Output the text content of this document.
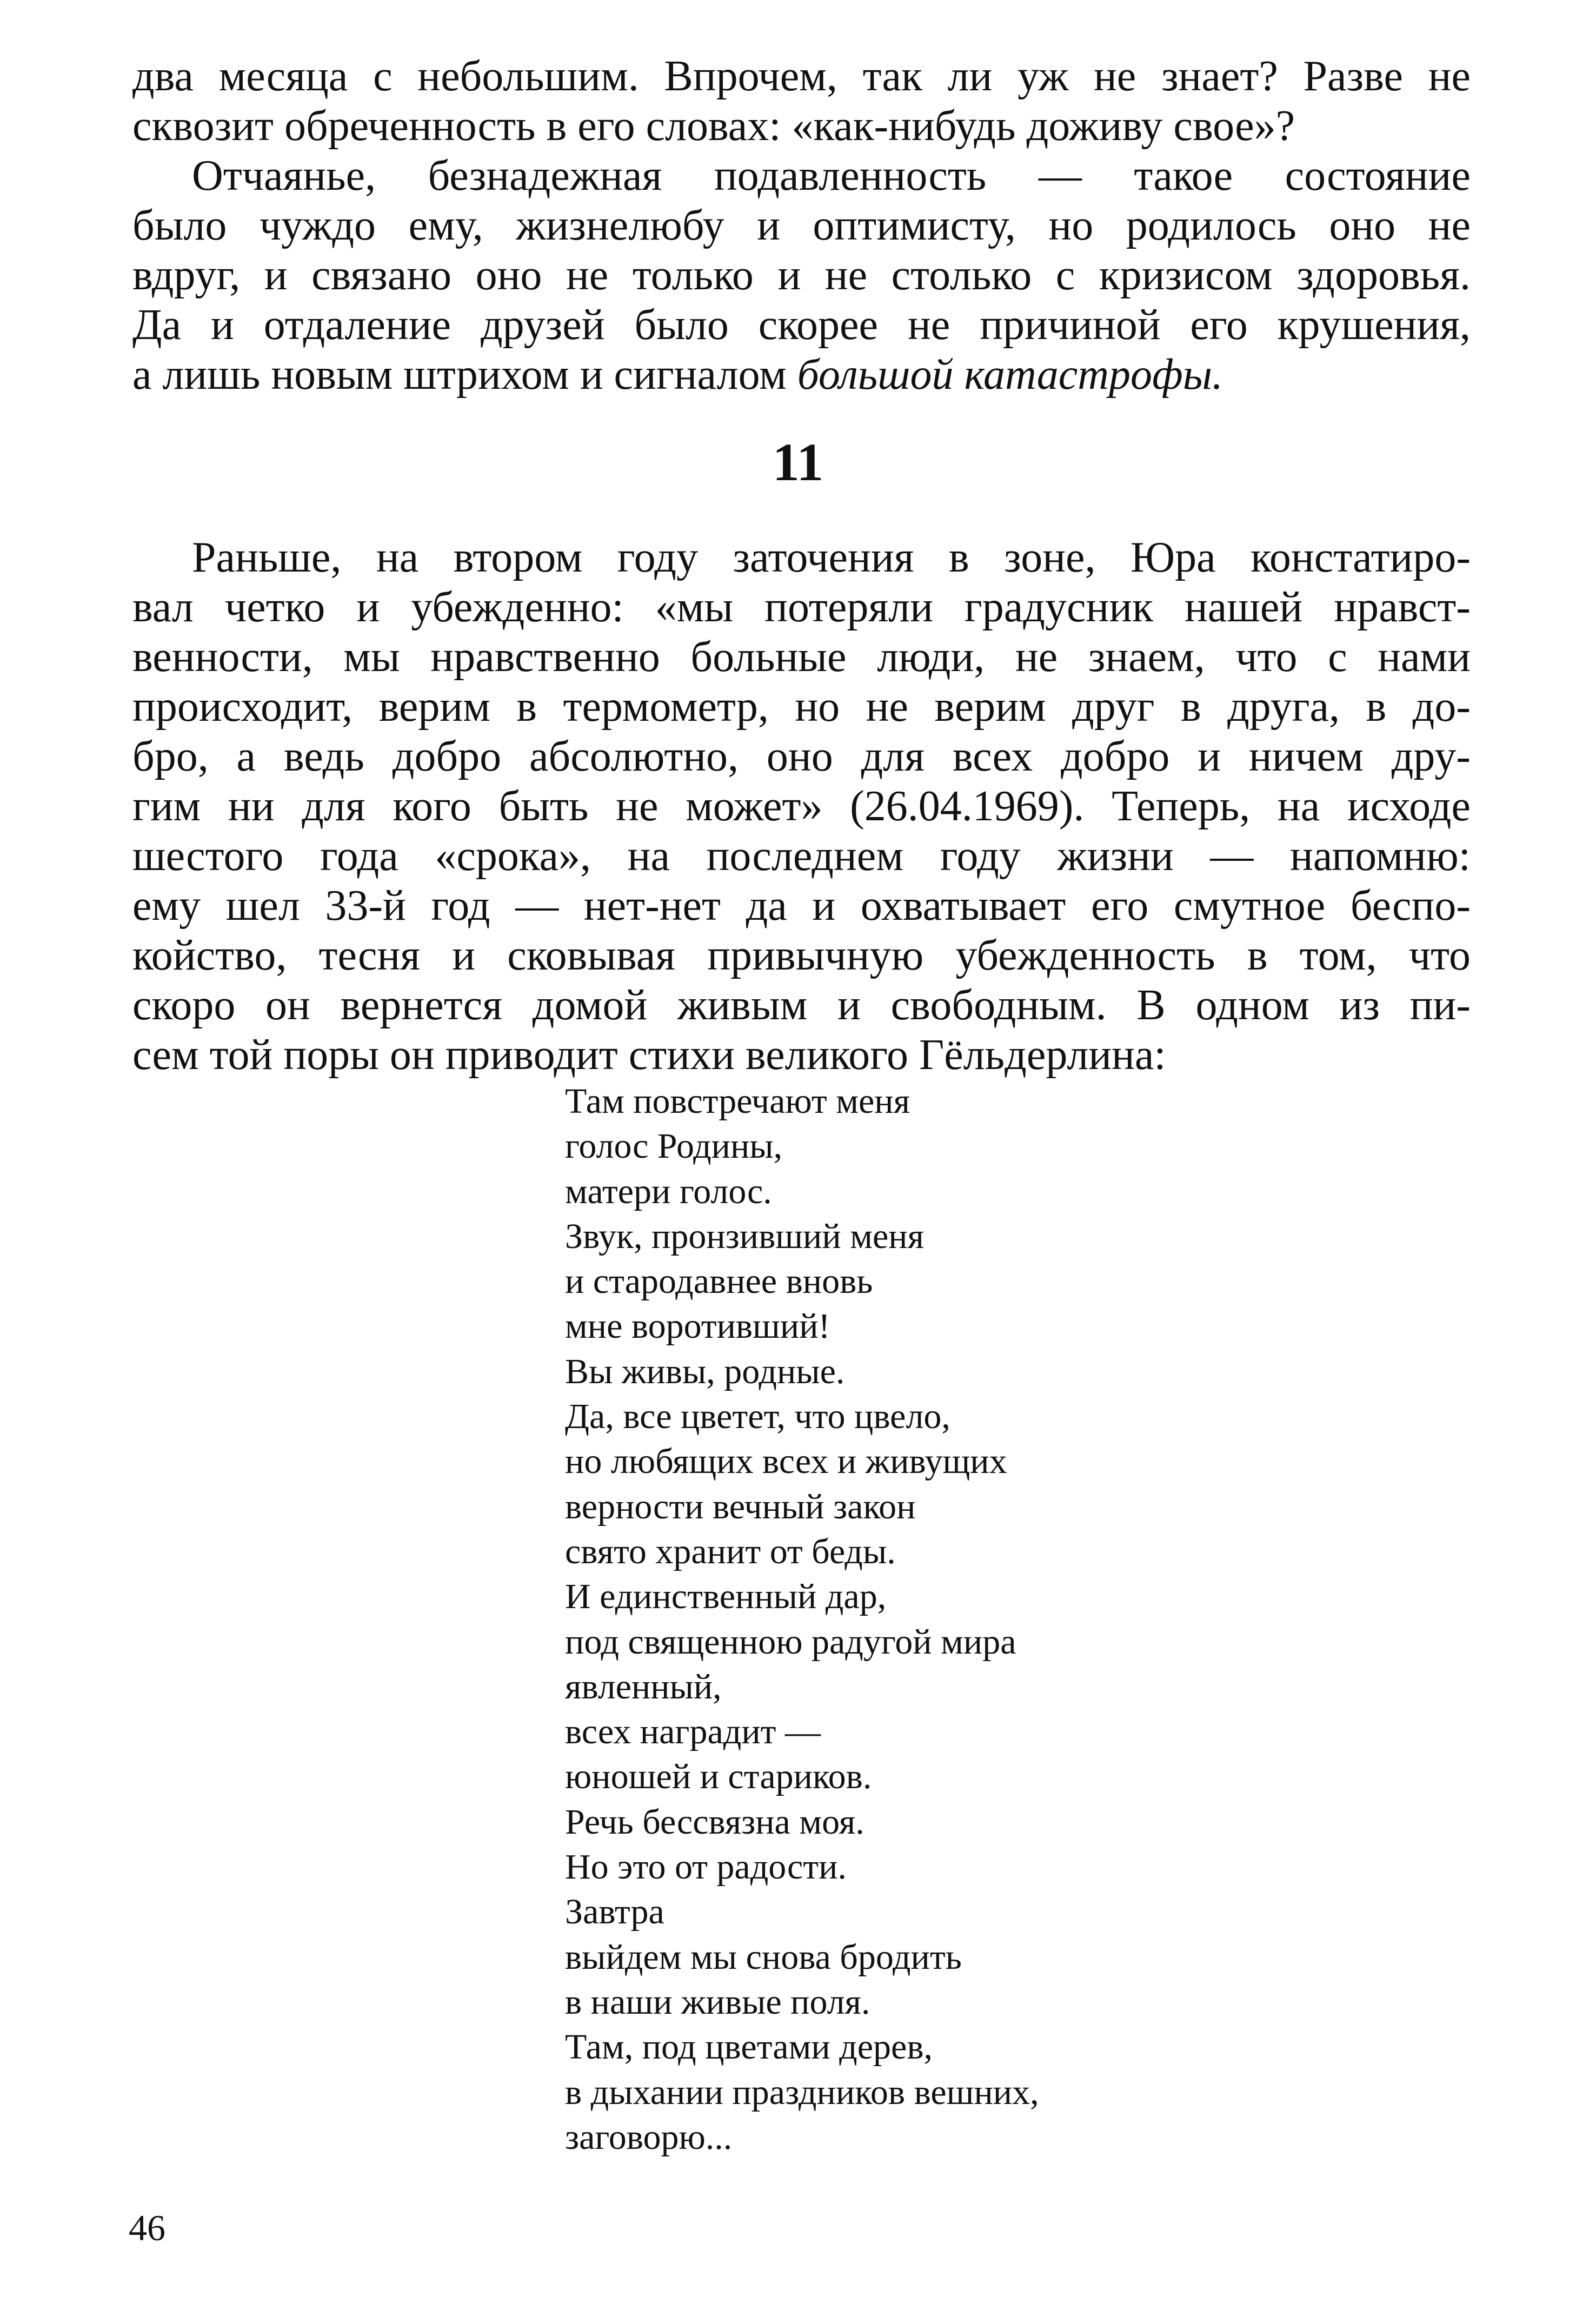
два месяца с небольшим. Впрочем, так ли уж не знает? Разве не
сквозит обреченность в его словах: «как-нибудь доживу свое»?
Отчаянье, безнадежная подавленность — такое состояние
было чуждо ему, жизнелюбу и оптимисту, но родилось оно не
вдруг, и связано оно не только и не столько с кризисом здоровья.
Да и отдаление друзей было скорее не причиной его крушения,
а лишь новым штрихом и сигналом большой катастрофы.
11
Раньше, на втором году заточения в зоне, Юра констатиро-
вал четко и убежденно: «мы потеряли градусник нашей нравст-
венности, мы нравственно больные люди, не знаем, что с нами
происходит, верим в термометр, но не верим друг в друга, в до-
бро, а ведь добро абсолютно, оно для всех добро и ничем дру-
гим ни для кого быть не может» (26.04.1969). Теперь, на исходе
шестого года «срока», на последнем году жизни — напомню:
ему шел 33-й год — нет-нет да и охватывает его смутное беспо-
койство, тесня и сковывая привычную убежденность в том, что
скоро он вернется домой живым и свободным. В одном из пи-
сем той поры он приводит стихи великого Гёльдерлина:
Там повстречают меня
голос Родины,
матери голос.
Звук, пронзивший меня
и стародавнее вновь
мне воротивший!
Вы живы, родные.
Да, все цветет, что цвело,
но любящих всех и живущих
верности вечный закон
свято хранит от беды.
И единственный дар,
под священною радугой мира
явленный,
всех наградит —
юношей и стариков.
Речь бессвязна моя.
Но это от радости.
Завтра
выйдем мы снова бродить
в наши живые поля.
Там, под цветами дерев,
в дыхании праздников вешних,
заговорю...
46
